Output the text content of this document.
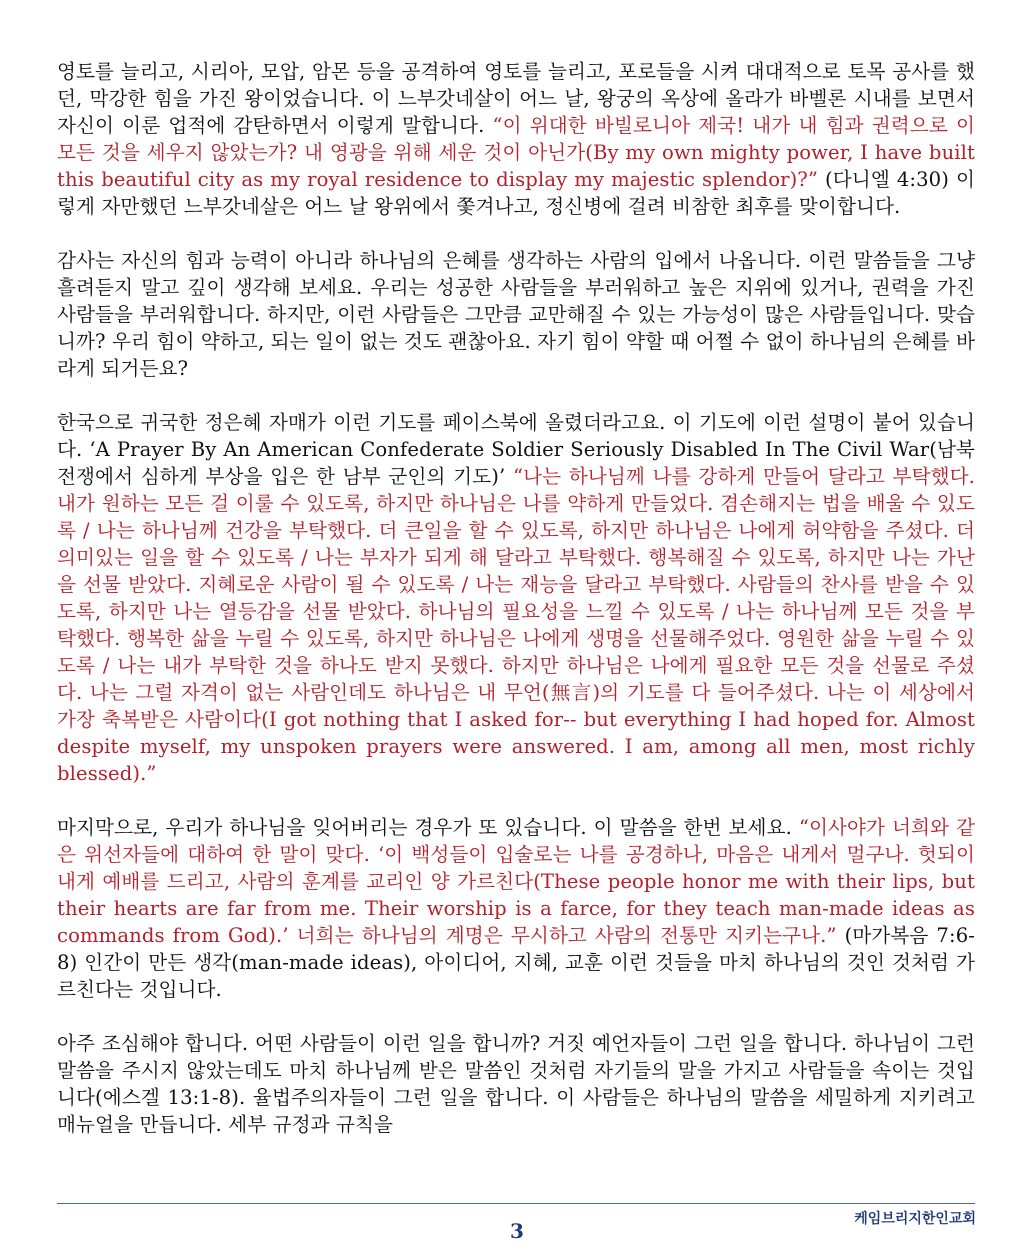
영토를 늘리고, 시리아, 모압, 암몬 등을 공격하여 영토를 늘리고, 포로들을 시켜 대대적으로 토목 공사를 했던, 막강한 힘을 가진 왕이었습니다. 이 느부갓네살이 어느 날, 왕궁의 옥상에 올라가 바벨론 시내를 보면서 자신이 이룬 업적에 감탄하면서 이렇게 말합니다. “이 위대한 바빌로니아 제국! 내가 내 힘과 권력으로 이 모든 것을 세우지 않았는가? 내 영광을 위해 세운 것이 아닌가(By my own mighty power, I have built this beautiful city as my royal residence to display my majestic splendor)?” (다니엘 4:30) 이렇게 자만했던 느부갓네살은 어느 날 왕위에서 쫓겨나고, 정신병에 걸려 비참한 최후를 맞이합니다.

감사는 자신의 힘과 능력이 아니라 하나님의 은혜를 생각하는 사람의 입에서 나옵니다. 이런 말씀들을 그냥 흘려듣지 말고 깊이 생각해 보세요. 우리는 성공한 사람들을 부러워하고 높은 지위에 있거나, 권력을 가진 사람들을 부러워합니다. 하지만, 이런 사람들은 그만큼 교만해질 수 있는 가능성이 많은 사람들입니다. 맞습니까? 우리 힘이 약하고, 되는 일이 없는 것도 괜찮아요. 자기 힘이 약할 때 어쩔 수 없이 하나님의 은혜를 바라게 되거든요?

한국으로 귀국한 정은혜 자매가 이런 기도를 페이스북에 올렸더라고요. 이 기도에 이런 설명이 붙어 있습니다. ‘A Prayer By An American Confederate Soldier Seriously Disabled In The Civil War(남북 전쟁에서 심하게 부상을 입은 한 남부 군인의 기도)’ “나는 하나님께 나를 강하게 만들어 달라고 부탁했다. 내가 원하는 모든 걸 이룰 수 있도록, 하지만 하나님은 나를 약하게 만들었다. 겸손해지는 법을 배울 수 있도록 / 나는 하나님께 건강을 부탁했다. 더 큰일을 할 수 있도록, 하지만 하나님은 나에게 허약함을 주셨다. 더 의미있는 일을 할 수 있도록 / 나는 부자가 되게 해 달라고 부탁했다. 행복해질 수 있도록, 하지만 나는 가난을 선물 받았다. 지혜로운 사람이 될 수 있도록 / 나는 재능을 달라고 부탁했다. 사람들의 찬사를 받을 수 있도록, 하지만 나는 열등감을 선물 받았다. 하나님의 필요성을 느낄 수 있도록 / 나는 하나님께 모든 것을 부탁했다. 행복한 삶을 누릴 수 있도록, 하지만 하나님은 나에게 생명을 선물해주었다. 영원한 삶을 누릴 수 있도록 / 나는 내가 부탁한 것을 하나도 받지 못했다. 하지만 하나님은 나에게 필요한 모든 것을 선물로 주셨다. 나는 그럴 자격이 없는 사람인데도 하나님은 내 무언(無言)의 기도를 다 들어주셨다. 나는 이 세상에서 가장 축복받은 사람이다(I got nothing that I asked for-- but everything I had hoped for. Almost despite myself, my unspoken prayers were answered. I am, among all men, most richly blessed).”

마지막으로, 우리가 하나님을 잊어버리는 경우가 또 있습니다. 이 말씀을 한번 보세요. “이사야가 너희와 같은 위선자들에 대하여 한 말이 맞다. ‘이 백성들이 입술로는 나를 공경하나, 마음은 내게서 멀구나. 헛되이 내게 예배를 드리고, 사람의 훈계를 교리인 양 가르친다(These people honor me with their lips, but their hearts are far from me. Their worship is a farce, for they teach man-made ideas as commands from God).’ 너희는 하나님의 계명은 무시하고 사람의 전통만 지키는구나.” (마가복음 7:6-8) 인간이 만든 생각(man-made ideas), 아이디어, 지혜, 교훈 이런 것들을 마치 하나님의 것인 것처럼 가르친다는 것입니다.

아주 조심해야 합니다. 어떤 사람들이 이런 일을 합니까? 거짓 예언자들이 그런 일을 합니다. 하나님이 그런 말씀을 주시지 않았는데도 마치 하나님께 받은 말씀인 것처럼 자기들의 말을 가지고 사람들을 속이는 것입니다(에스겔 13:1-8). 율법주의자들이 그런 일을 합니다. 이 사람들은 하나님의 말씀을 세밀하게 지키려고 매뉴얼을 만듭니다. 세부 규정과 규칙을

케임브리지한인교회
3
